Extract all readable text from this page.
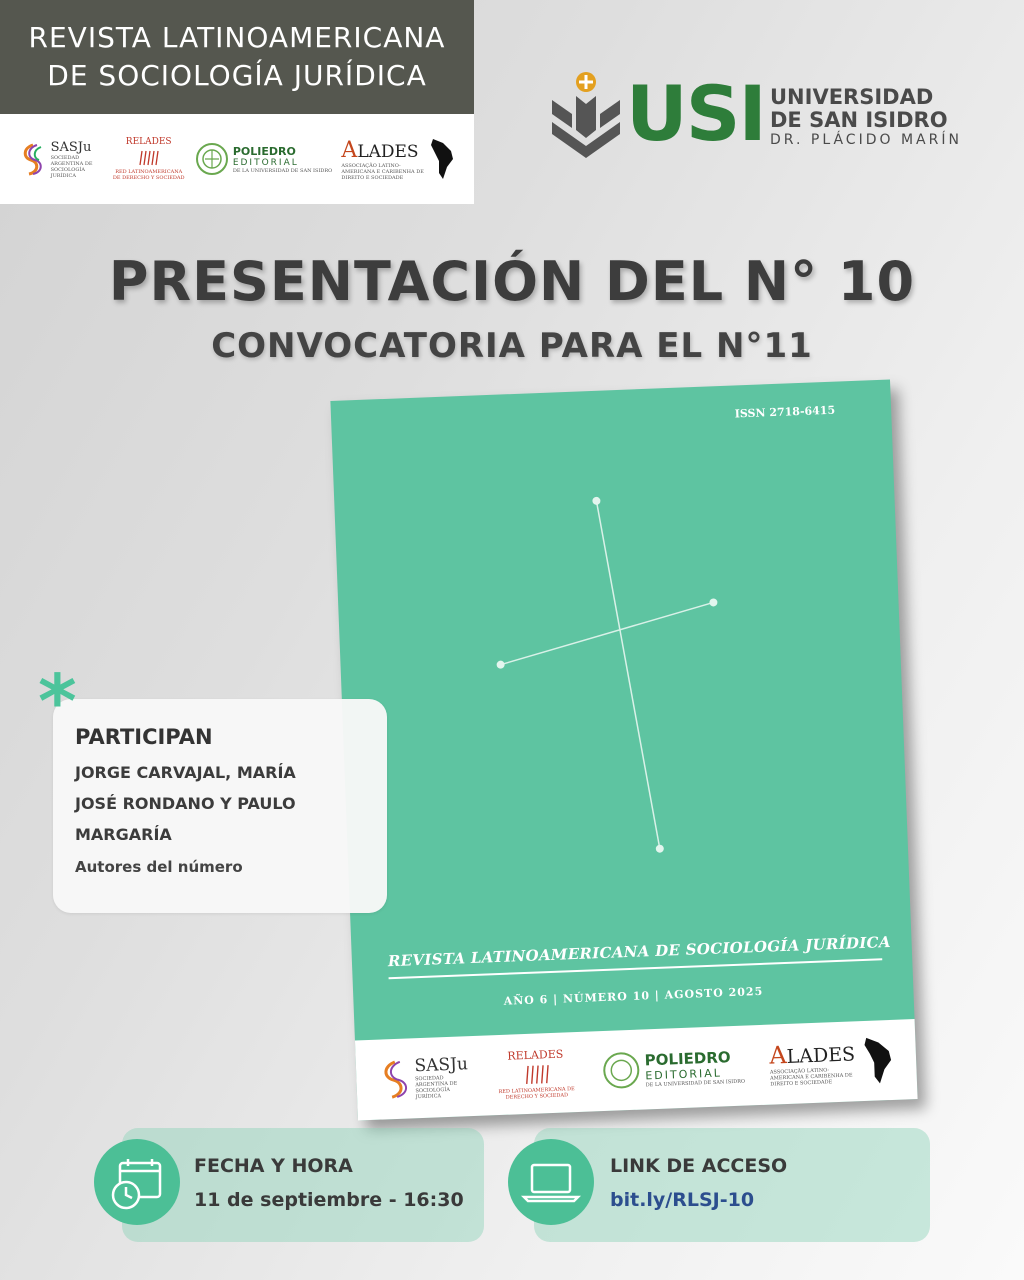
REVISTA LATINOAMERICANA
DE SOCIOLOGÍA JURÍDICA
SASJu
SOCIEDAD ARGENTINA DE SOCIOLOGÍA JURÍDICA
RELADES
RED LATINOAMERICANA DE DERECHO Y SOCIEDAD
POLIEDRO
EDITORIAL
DE LA UNIVERSIDAD DE SAN ISIDRO
ALADES
ASSOCIAÇÃO LATINO-AMERICANA E CARIBENHA DE DIREITO E SOCIEDADE
USI UNIVERSIDAD
DE SAN ISIDRO
DR. PLÁCIDO MARÍN
PRESENTACIÓN DEL N° 10
CONVOCATORIA PARA EL N°11
ISSN 2718-6415
REVISTA LATINOAMERICANA DE SOCIOLOGÍA JURÍDICA
AÑO 6 | NÚMERO 10 | AGOSTO 2025
SASJu
SOCIEDAD ARGENTINA DE SOCIOLOGÍA JURÍDICA
RELADES
RED LATINOAMERICANA DE DERECHO Y SOCIEDAD
POLIEDRO
EDITORIAL
DE LA UNIVERSIDAD DE SAN ISIDRO
ALADES
ASSOCIAÇÃO LATINO-AMERICANA E CARIBENHA DE DIREITO E SOCIEDADE
PARTICIPAN
JORGE CARVAJAL, MARÍA JOSÉ RONDANO Y PAULO MARGARÍA
Autores del número
*
FECHA Y HORA
11 de septiembre - 16:30
LINK DE ACCESO
bit.ly/RLSJ-10
